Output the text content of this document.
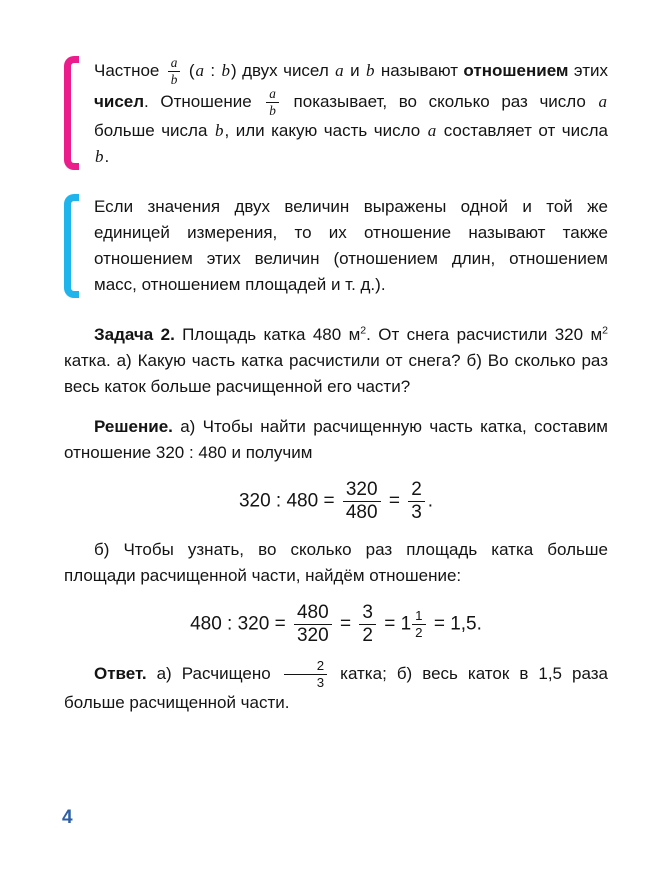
Частное $\frac{a}{b} (a$ : b) двух чисел a и b называют отношением этих чисел. Отношение $\frac{a}{b}$ показывает, во сколько раз число a больше числа b, или какую часть число a составляет от числа b.

Если значения двух величин выражены одной и той же единицей измерения, то их отношение называют также отношением этих величин (отношением длин, отношением масс, отношением площадей и т. д.).

Задача 2. Площадь катка 480 $м^2$. От снега расчистили 320 $м^2$ катка. а) Какую часть катка расчистили от снега? б) Во сколько раз весь каток больше расчищенной его части?

Решение. а) Чтобы найти расчищенную часть катка, составим отношение 320 : 480 и получим

320 : $480 = \frac{320}{480} = \frac{2}{3}$ .

б) Чтобы узнать, во сколько раз площадь катка больше площади расчищенной части, найдём отношение:

480 : $320 = \frac{480}{320} = \frac{3}{2} = 1 \frac{1}{2} = 1,5$.

Ответ. а) Расчищено $\frac{2}{3}$ катка; б) весь каток в 1,5 раза больше расчищенной части.

4
